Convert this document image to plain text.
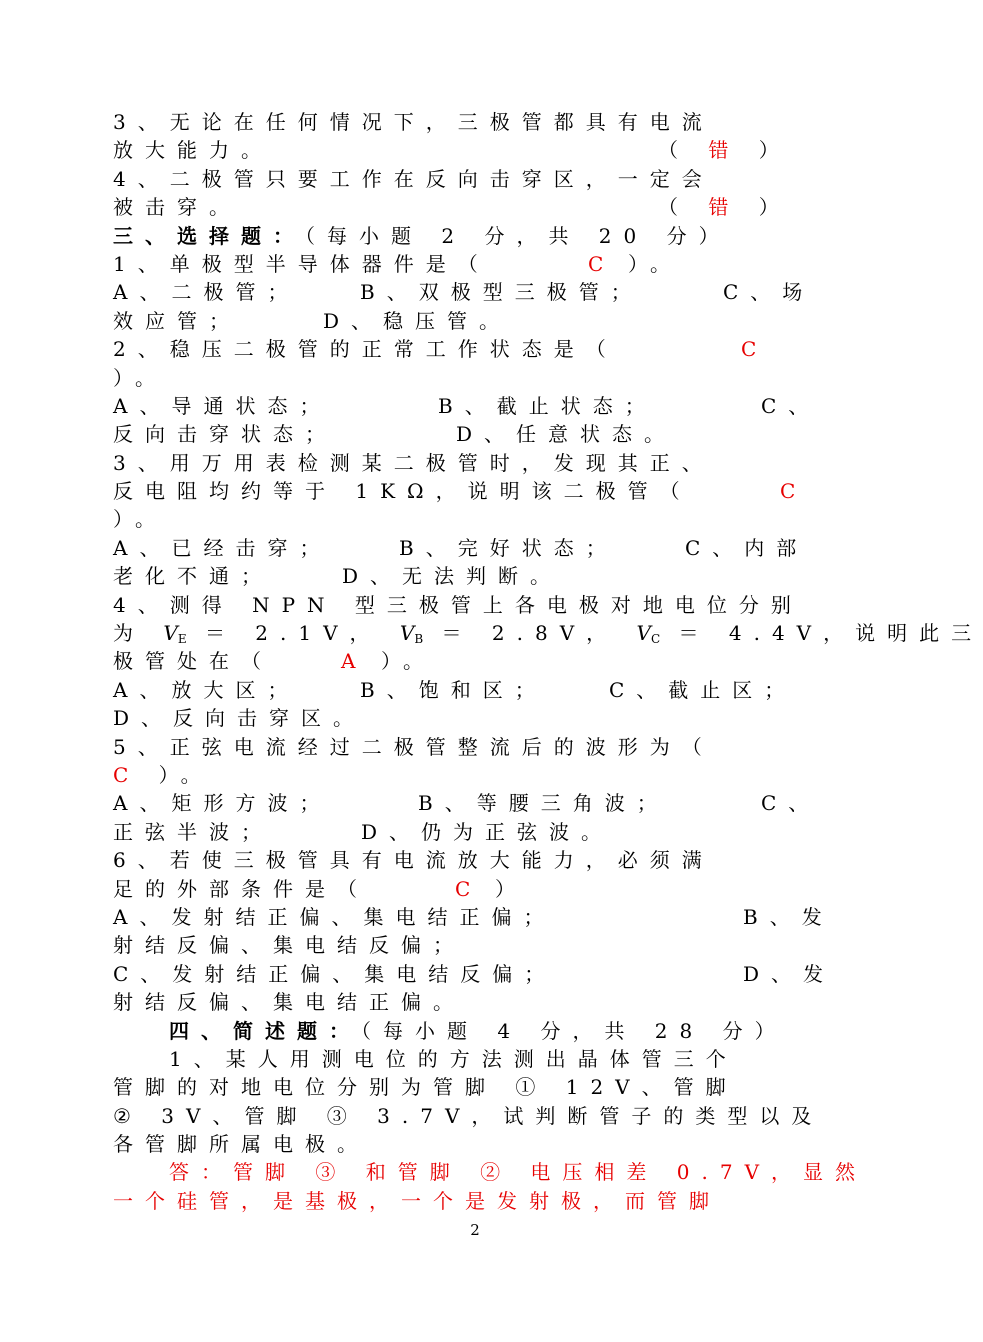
3、无论在任何情况下，三极管都具有电流
放大能力。	（ 错 ）
4、二极管只要工作在反向击穿区，一定会
被击穿。	（ 错 ）
三、选择题：（每小题 2 分，共 20 分）
1、单极型半导体器件是（	C ）。
A、二极管；	B、双极型三极管；	C、场
效应管；	D、稳压管。
2、稳压二极管的正常工作状态是（	C
）。
A、导通状态；	B、截止状态；	C、
反向击穿状态；	D、任意状态。
3、用万用表检测某二极管时，发现其正、
反电阻均约等于 1KΩ，说明该二极管（	C
）。
A、已经击穿；	B、完好状态；	C、内部
老化不通；	D、无法判断。
4、测得 NPN 型三极管上各电极对地电位分别
为 $V_E = 2.1V$， $V_B = 2.8V$， $V_C = 4.4V$，说明此三
极管处在（	A ）。
A、放大区；	B、饱和区；	C、截止区；
D、反向击穿区。
5、正弦电流经过二极管整流后的波形为（
C ）。
A、矩形方波；	B、等腰三角波；	C、
正弦半波；	D、仍为正弦波。
6、若使三极管具有电流放大能力，必须满
足的外部条件是（	C ）
A、发射结正偏、集电结正偏；	B、发
射结反偏、集电结反偏；
C、发射结正偏、集电结反偏；	D、发
射结反偏、集电结正偏。
四、简述题：（每小题 4 分，共 28 分）
1、某人用测电位的方法测出晶体管三个
管脚的对地电位分别为管脚 ① 12V、管脚
② 3V、管脚 ③ 3.7V，试判断管子的类型以及
各管脚所属电极。
答：管脚 ③ 和管脚 ② 电压相差 0.7V，显然
一个硅管，是基极，一个是发射极，而管脚
2
